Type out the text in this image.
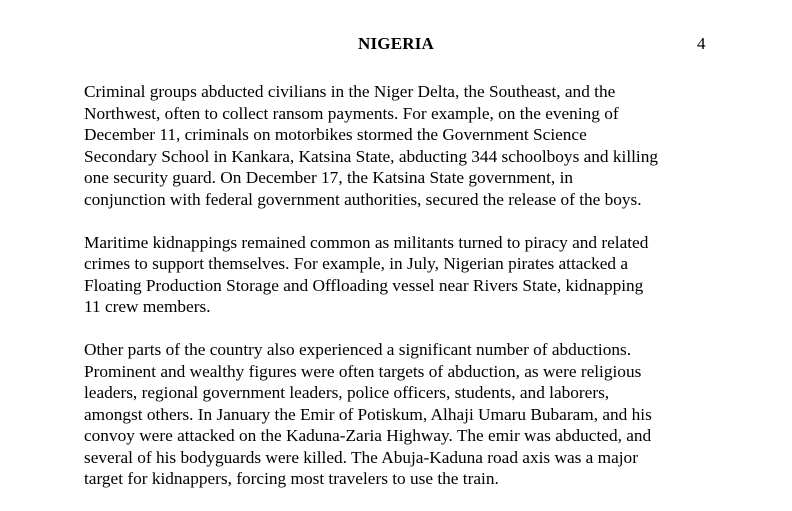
NIGERIA	4

Criminal groups abducted civilians in the Niger Delta, the Southeast, and the
Northwest, often to collect ransom payments. For example, on the evening of
December 11, criminals on motorbikes stormed the Government Science
Secondary School in Kankara, Katsina State, abducting 344 schoolboys and killing
one security guard. On December 17, the Katsina State government, in
conjunction with federal government authorities, secured the release of the boys.

Maritime kidnappings remained common as militants turned to piracy and related
crimes to support themselves. For example, in July, Nigerian pirates attacked a
Floating Production Storage and Offloading vessel near Rivers State, kidnapping
11 crew members.

Other parts of the country also experienced a significant number of abductions.
Prominent and wealthy figures were often targets of abduction, as were religious
leaders, regional government leaders, police officers, students, and laborers,
amongst others. In January the Emir of Potiskum, Alhaji Umaru Bubaram, and his
convoy were attacked on the Kaduna-Zaria Highway. The emir was abducted, and
several of his bodyguards were killed. The Abuja-Kaduna road axis was a major
target for kidnappers, forcing most travelers to use the train.
